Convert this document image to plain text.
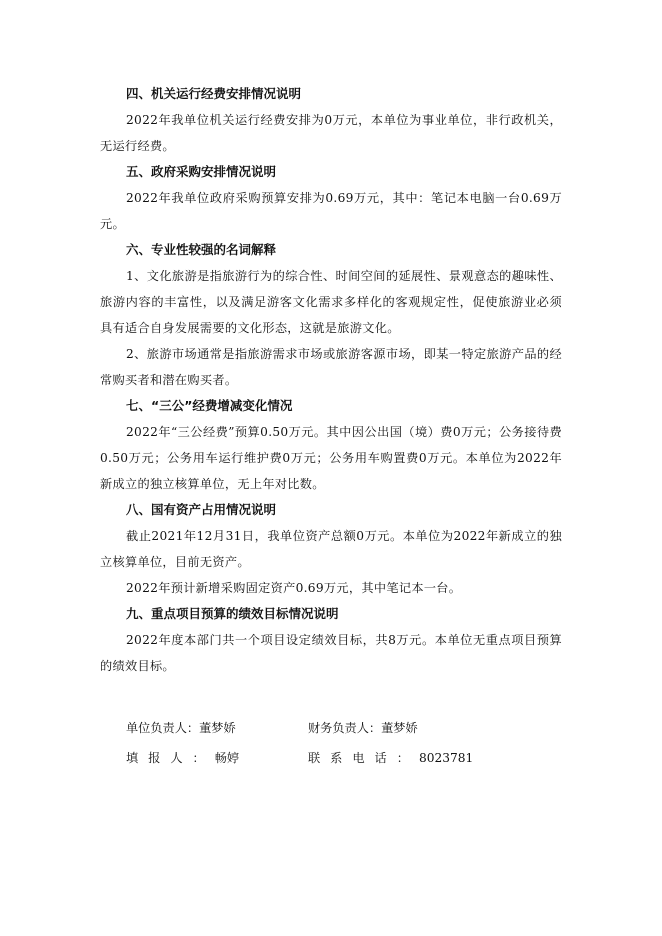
四、机关运行经费安排情况说明

2022年我单位机关运行经费安排为0万元，本单位为事业单位，非行政机关，无运行经费。

五、政府采购安排情况说明

2022年我单位政府采购预算安排为0.69万元，其中：笔记本电脑一台0.69万元。

六、专业性较强的名词解释

1、文化旅游是指旅游行为的综合性、时间空间的延展性、景观意态的趣味性、旅游内容的丰富性，以及满足游客文化需求多样化的客观规定性，促使旅游业必须具有适合自身发展需要的文化形态，这就是旅游文化。

2、旅游市场通常是指旅游需求市场或旅游客源市场，即某一特定旅游产品的经常购买者和潜在购买者。

七、“三公”经费增减变化情况

2022年“三公经费”预算0.50万元。其中因公出国（境）费0万元；公务接待费0.50万元；公务用车运行维护费0万元；公务用车购置费0万元。本单位为2022年新成立的独立核算单位，无上年对比数。

八、国有资产占用情况说明

截止2021年12月31日，我单位资产总额0万元。本单位为2022年新成立的独立核算单位，目前无资产。

2022年预计新增采购固定资产0.69万元，其中笔记本一台。

九、重点项目预算的绩效目标情况说明

2022年度本部门共一个项目设定绩效目标，共8万元。本单位无重点项目预算的绩效目标。

单位负责人：董梦娇	财务负责人：董梦娇
填报人：畅婷	联系电话：8023781
